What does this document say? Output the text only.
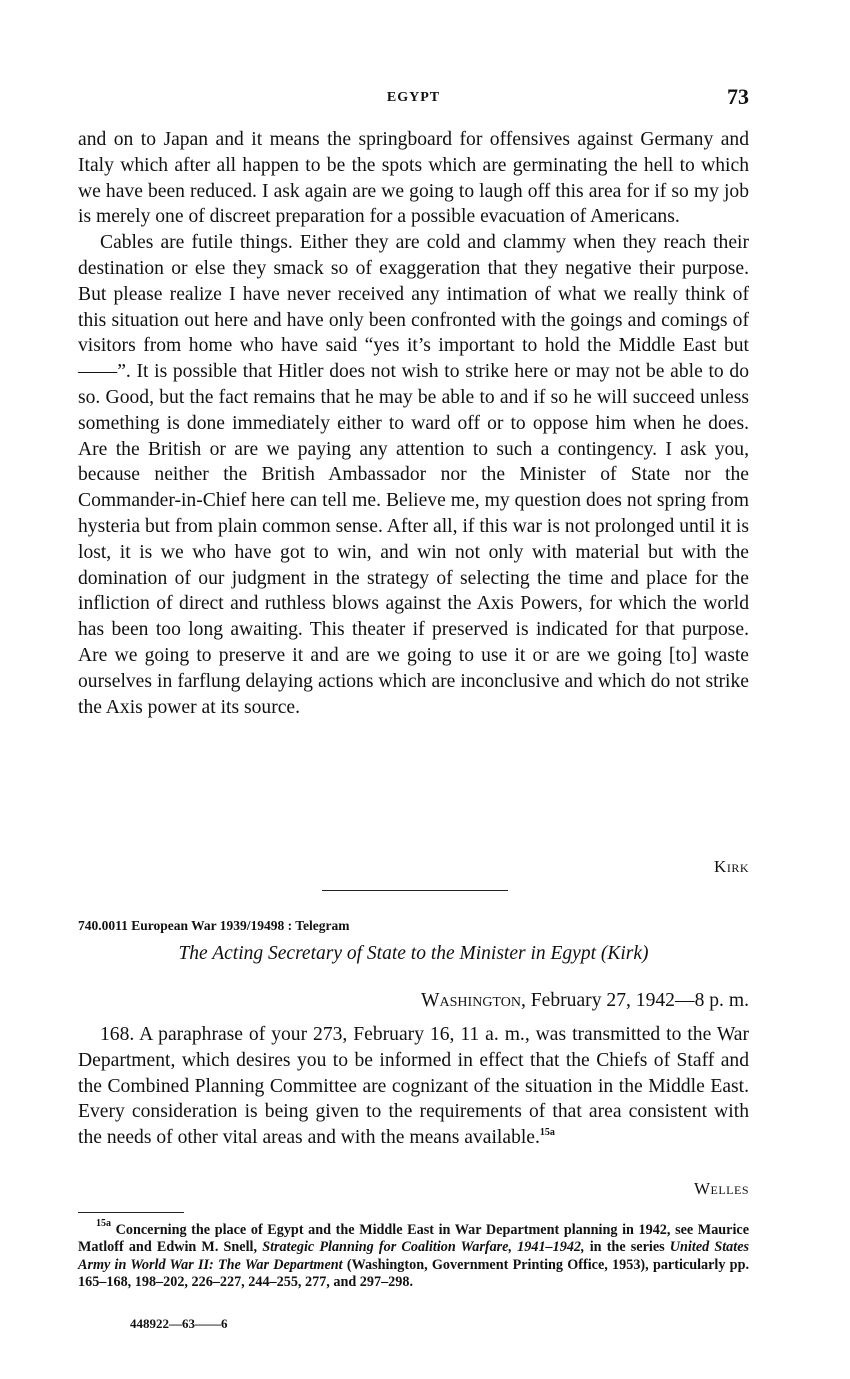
EGYPT	73

and on to Japan and it means the springboard for offensives against Germany and Italy which after all happen to be the spots which are germinating the hell to which we have been reduced. I ask again are we going to laugh off this area for if so my job is merely one of discreet preparation for a possible evacuation of Americans.

Cables are futile things. Either they are cold and clammy when they reach their destination or else they smack so of exaggeration that they negative their purpose. But please realize I have never received any intimation of what we really think of this situation out here and have only been confronted with the goings and comings of visitors from home who have said “yes it’s important to hold the Middle East but——”. It is possible that Hitler does not wish to strike here or may not be able to do so. Good, but the fact remains that he may be able to and if so he will succeed unless something is done immediately either to ward off or to oppose him when he does. Are the British or are we paying any attention to such a contingency. I ask you, because neither the British Ambassador nor the Minister of State nor the Commander-in-Chief here can tell me. Believe me, my question does not spring from hysteria but from plain common sense. After all, if this war is not prolonged until it is lost, it is we who have got to win, and win not only with material but with the domination of our judgment in the strategy of selecting the time and place for the infliction of direct and ruthless blows against the Axis Powers, for which the world has been too long awaiting. This theater if preserved is indicated for that purpose. Are we going to preserve it and are we going to use it or are we going [to] waste ourselves in farflung delaying actions which are inconclusive and which do not strike the Axis power at its source.

Kirk
740.0011 European War 1939/19498 : Telegram
The Acting Secretary of State to the Minister in Egypt (Kirk)
Washington, February 27, 1942—8 p. m.

168. A paraphrase of your 273, February 16, 11 a. m., was transmitted to the War Department, which desires you to be informed in effect that the Chiefs of Staff and the Combined Planning Committee are cognizant of the situation in the Middle East. Every consideration is being given to the requirements of that area consistent with the needs of other vital areas and with the means available.$^{15a}$

Welles

$^{15a}$ Concerning the place of Egypt and the Middle East in War Department planning in 1942, see Maurice Matloff and Edwin M. Snell, Strategic Planning for Coalition Warfare, 1941–1942, in the series United States Army in World War II: The War Department (Washington, Government Printing Office, 1953), particularly pp. 165–168, 198–202, 226–227, 244–255, 277, and 297–298.

448922—63——6
